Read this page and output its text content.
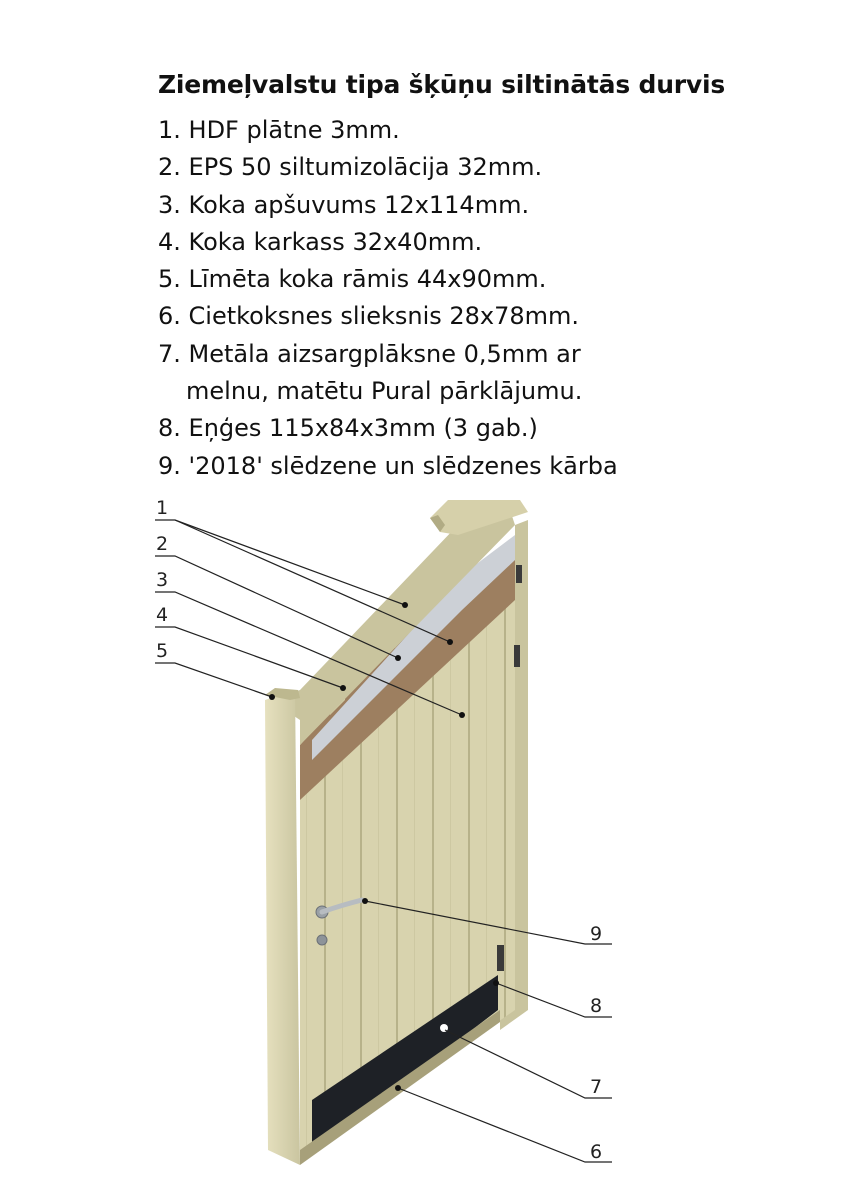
Ziemeļvalstu tipa šķūņu siltinātās durvis
1. HDF plātne 3mm.
2. EPS 50 siltumizolācija 32mm.
3. Koka apšuvums 12x114mm.
4. Koka karkass 32x40mm.
5. Līmēta koka rāmis 44x90mm.
6. Cietkoksnes slieksnis 28x78mm.
7. Metāla aizsargplāksne 0,5mm ar
melnu, matētu Pural pārklājumu.
8. Eņģes 115x84x3mm (3 gab.)
9. '2018' slēdzene un slēdzenes kārba
1
2
3
4
5
9
8
7
6
